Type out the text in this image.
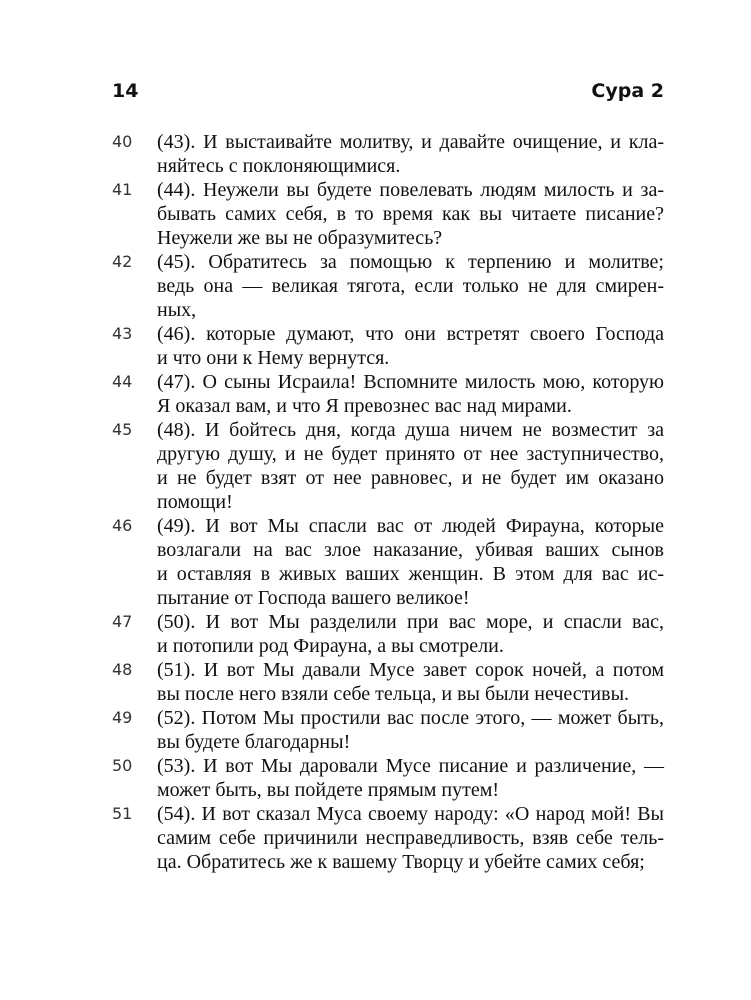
14	Сура 2
40	(43). И выстаивайте молитву, и давайте очищение, и кла-
няйтесь с поклоняющимися.
41	(44). Неужели вы будете повелевать людям милость и за-
бывать самих себя, в то время как вы читаете писание?
Неужели же вы не образумитесь?
42	(45). Обратитесь за помощью к терпению и молитве;
ведь она — великая тягота, если только не для смирен-
ных,
43	(46). которые думают, что они встретят своего Господа
и что они к Нему вернутся.
44	(47). О сыны Исраила! Вспомните милость мою, которую
Я оказал вам, и что Я превознес вас над мирами.
45	(48). И бойтесь дня, когда душа ничем не возместит за
другую душу, и не будет принято от нее заступничество,
и не будет взят от нее равновес, и не будет им оказано
помощи!
46	(49). И вот Мы спасли вас от людей Фирауна, которые
возлагали на вас злое наказание, убивая ваших сынов
и оставляя в живых ваших женщин. В этом для вас ис-
пытание от Господа вашего великое!
47	(50). И вот Мы разделили при вас море, и спасли вас,
и потопили род Фирауна, а вы смотрели.
48	(51). И вот Мы давали Мусе завет сорок ночей, а потом
вы после него взяли себе тельца, и вы были нечестивы.
49	(52). Потом Мы простили вас после этого, — может быть,
вы будете благодарны!
50	(53). И вот Мы даровали Мусе писание и различение, —
может быть, вы пойдете прямым путем!
51	(54). И вот сказал Муса своему народу: «О народ мой! Вы
самим себе причинили несправедливость, взяв себе тель-
ца. Обратитесь же к вашему Творцу и убейте самих себя;
